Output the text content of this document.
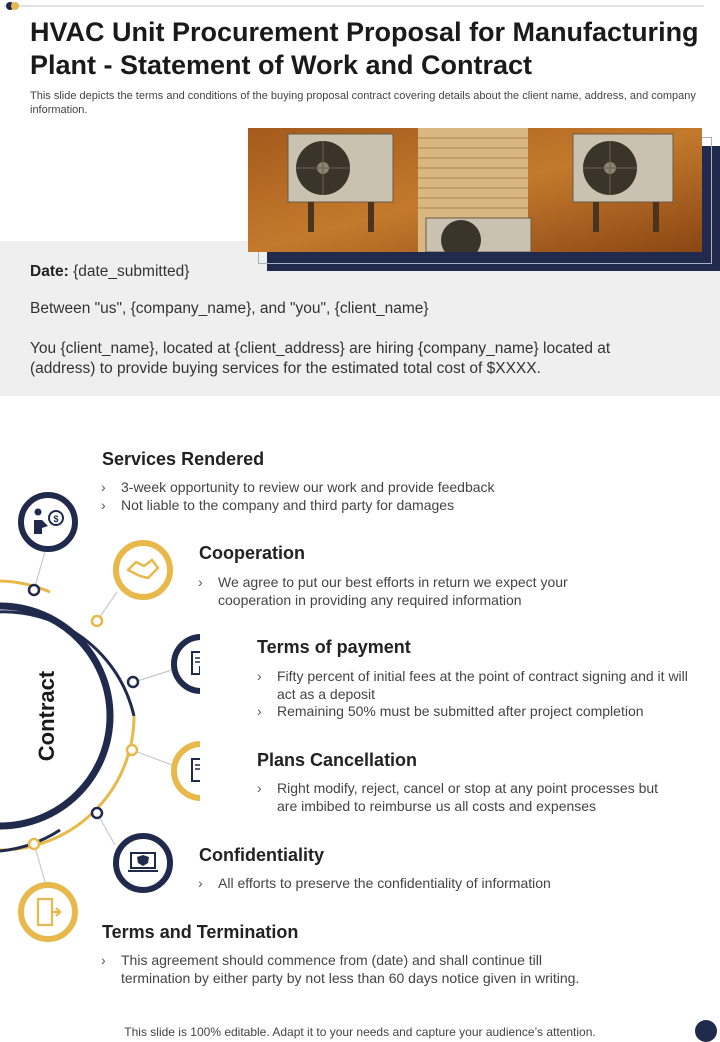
HVAC Unit Procurement Proposal for Manufacturing Plant - Statement of Work and Contract
This slide depicts the terms and conditions of the buying proposal contract covering details about the client name, address, and company information.
Date: {date_submitted}
Between "us", {company_name}, and "you", {client_name}
You {client_name}, located at {client_address} are hiring {company_name} located at (address) to provide buying services for the estimated total cost of $XXXX.
$
Contract
Services Rendered
› 3-week opportunity to review our work and provide feedback
› Not liable to the company and third party for damages
Cooperation
› We agree to put our best efforts in return we expect your cooperation in providing any required information
Terms of payment
› Fifty percent of initial fees at the point of contract signing and it will act as a deposit
› Remaining 50% must be submitted after project completion
Plans Cancellation
› Right modify, reject, cancel or stop at any point processes but are imbibed to reimburse us all costs and expenses
Confidentiality
› All efforts to preserve the confidentiality of information
Terms and Termination
› This agreement should commence from (date) and shall continue till termination by either party by not less than 60 days notice given in writing.
This slide is 100% editable. Adapt it to your needs and capture your audience’s attention.
